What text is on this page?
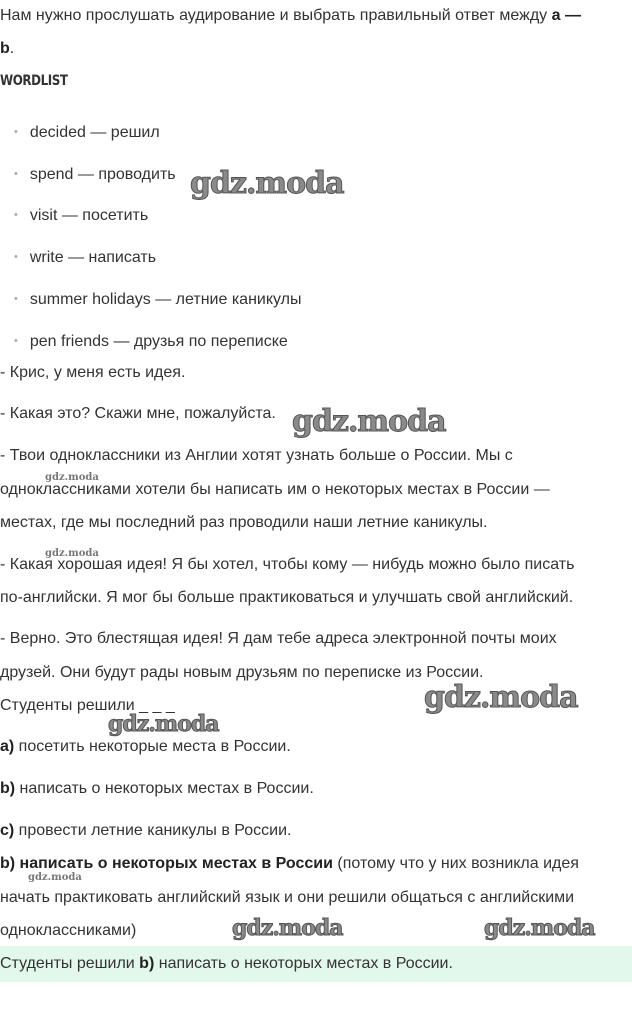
Нам нужно прослушать аудирование и выбрать правильный ответ между a —
b.
WORDLIST
• decided — решил
• spend — проводить
• visit — посетить
• write — написать
• summer holidays — летние каникулы
• pen friends — друзья по переписке
- Крис, у меня есть идея.
- Какая это? Скажи мне, пожалуйста.
- Твои одноклассники из Англии хотят узнать больше о России. Мы с
одноклассниками хотели бы написать им о некоторых местах в России —
местах, где мы последний раз проводили наши летние каникулы.
- Какая хорошая идея! Я бы хотел, чтобы кому — нибудь можно было писать
по-английски. Я мог бы больше практиковаться и улучшать свой английский.
- Верно. Это блестящая идея! Я дам тебе адреса электронной почты моих
друзей. Они будут рады новым друзьям по переписке из России.
Студенты решили _ _ _
a) посетить некоторые места в России.
b) написать о некоторых местах в России.
c) провести летние каникулы в России.
b) написать о некоторых местах в России (потому что у них возникла идея
начать практиковать английский язык и они решили общаться с английскими
одноклассниками)
Студенты решили b) написать о некоторых местах в России.
gdz.moda
gdz.moda
gdz.moda
gdz.moda
gdz.moda
gdz.moda
gdz.moda
gdz.moda	gdz.moda
